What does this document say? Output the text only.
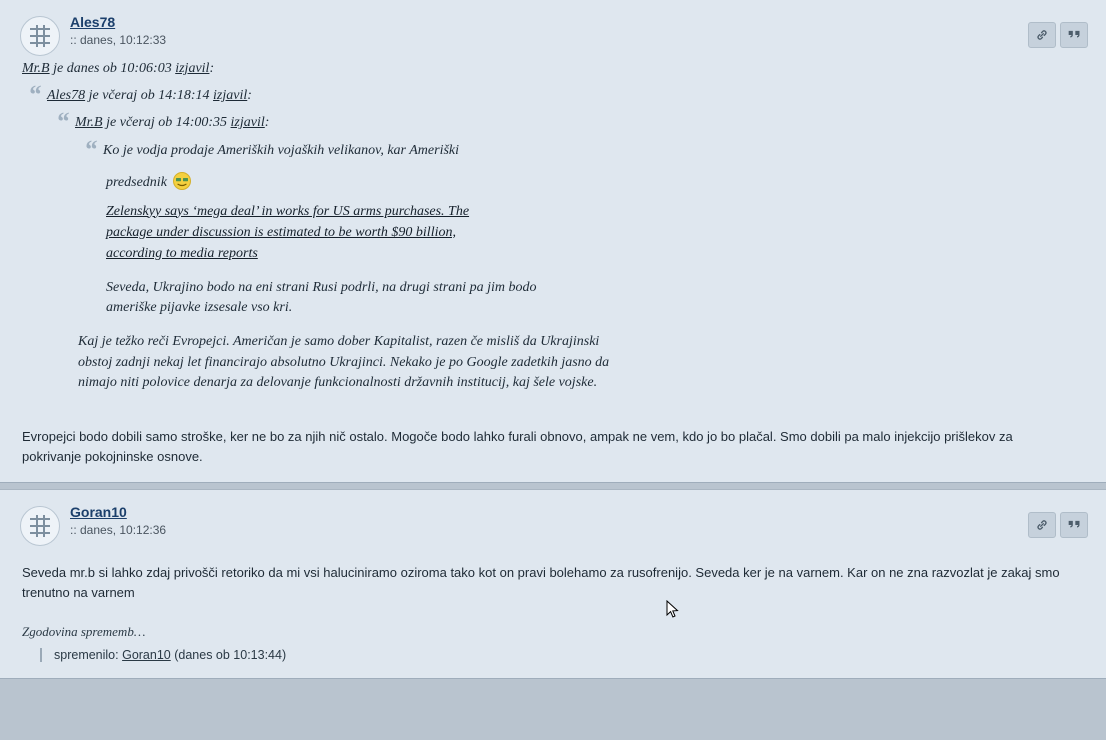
Ales78
:: danes, 10:12:33
Mr.B je danes ob 10:06:03 izjavil:
“ Ales78 je včeraj ob 14:18:14 izjavil:
“ Mr.B je včeraj ob 14:00:35 izjavil:
“ Ko je vodja prodaje Ameriških vojaških velikanov, kar Ameriški
predsednik
Zelenskyy says ‘mega deal’ in works for US arms purchases. The package under discussion is estimated to be worth $90 billion, according to media reports
Seveda, Ukrajino bodo na eni strani Rusi podrli, na drugi strani pa jim bodo ameriške pijavke izsesale vso kri.
Kaj je težko reči Evropejci. Američan je samo dober Kapitalist, razen če misliš da Ukrajinski obstoj zadnji nekaj let financirajo absolutno Ukrajinci. Nekako je po Google zadetkih jasno da nimajo niti polovice denarja za delovanje funkcionalnosti državnih institucij, kaj šele vojske.
Evropejci bodo dobili samo stroške, ker ne bo za njih nič ostalo. Mogoče bodo lahko furali obnovo, ampak ne vem, kdo jo bo plačal. Smo dobili pa malo injekcijo prišlekov za pokrivanje pokojninske osnove.
Goran10
:: danes, 10:12:36
Seveda mr.b si lahko zdaj privošči retoriko da mi vsi haluciniramo oziroma tako kot on pravi bolehamo za rusofrenijo. Seveda ker je na varnem. Kar on ne zna razvozlat je zakaj smo trenutno na varnem
Zgodovina sprememb…
spremenilo: Goran10 (danes ob 10:13:44)
